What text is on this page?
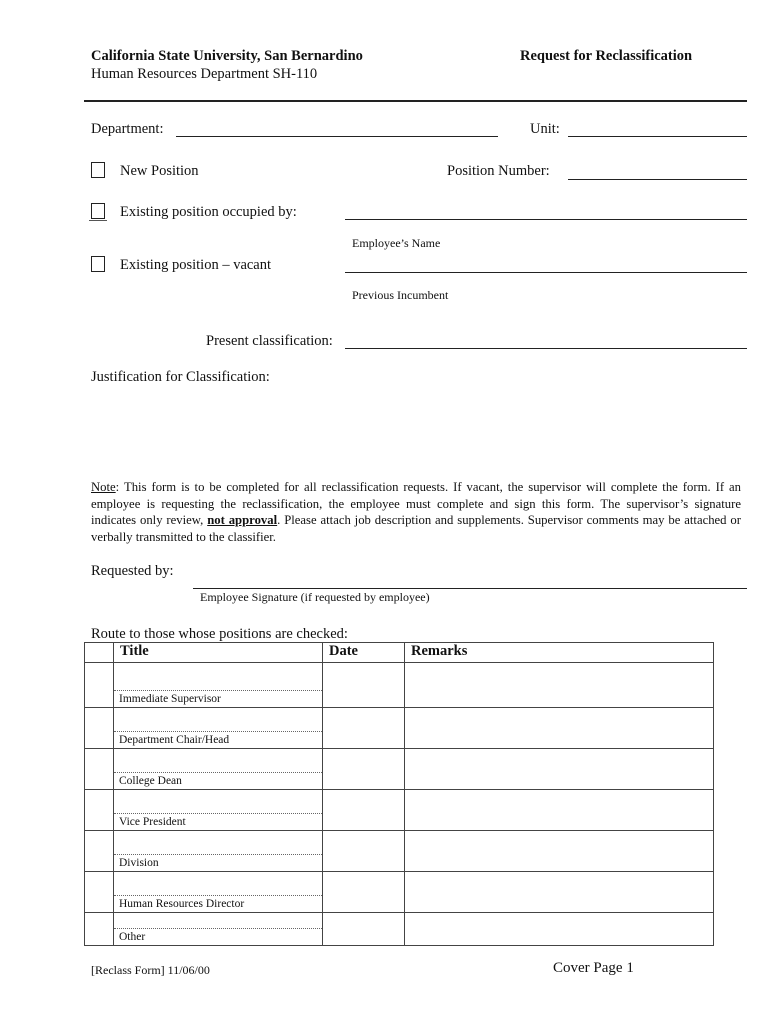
California State University, San Bernardino
Human Resources Department SH-110
Request for Reclassification
Department:	Unit:
New Position	Position Number:
Existing position occupied by:
Employee’s Name
Existing position – vacant
Previous Incumbent
Present classification:
Justification for Classification:
Note: This form is to be completed for all reclassification requests. If vacant, the supervisor will complete the form. If an employee is requesting the reclassification, the employee must complete and sign this form. The supervisor’s signature indicates only review, not approval. Please attach job description and supplements. Supervisor comments may be attached or verbally transmitted to the classifier.
Requested by:
Employee Signature (if requested by employee)
Route to those whose positions are checked:
	Title	Date	Remarks

	Immediate Supervisor		

	Department Chair/Head		

	College Dean		

	Vice President		

	Division		

	Human Resources Director		

	Other		

[Reclass Form] 11/06/00	Cover Page 1
